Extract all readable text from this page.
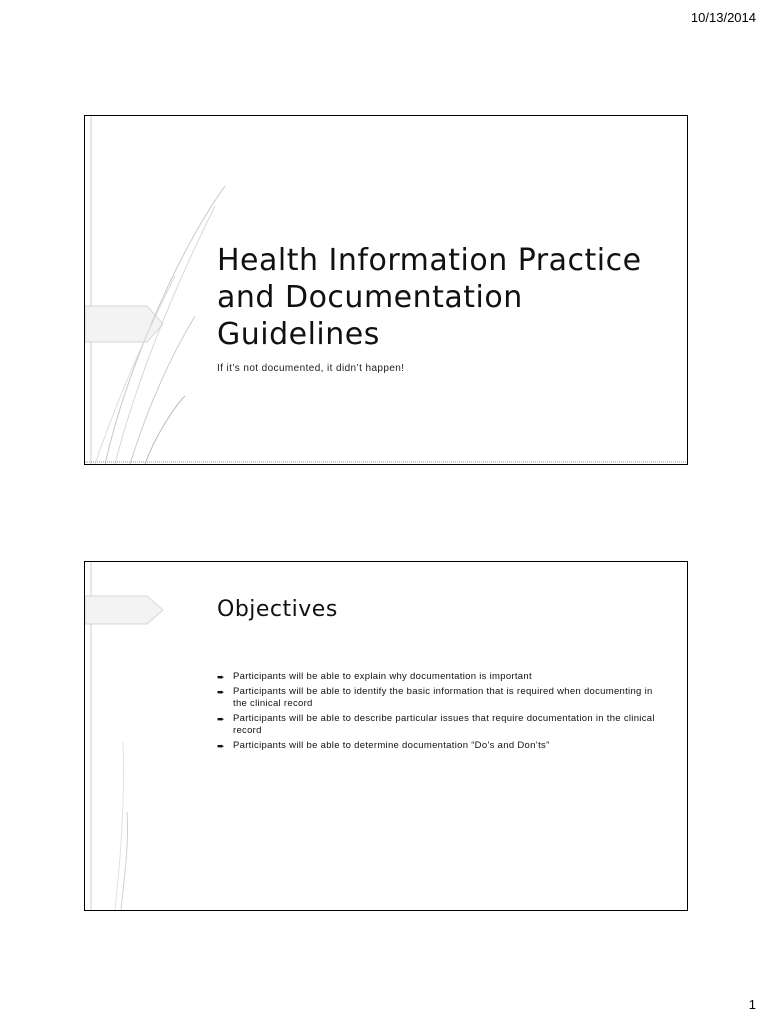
10/13/2014
Health Information Practice and Documentation Guidelines
If it’s not documented, it didn’t happen!
Objectives
➨ Participants will be able to explain why documentation is important
➨ Participants will be able to identify the basic information that is required when documenting in the clinical record
➨ Participants will be able to describe particular issues that require documentation in the clinical record
➨ Participants will be able to determine documentation “Do’s and Don’ts”
1
